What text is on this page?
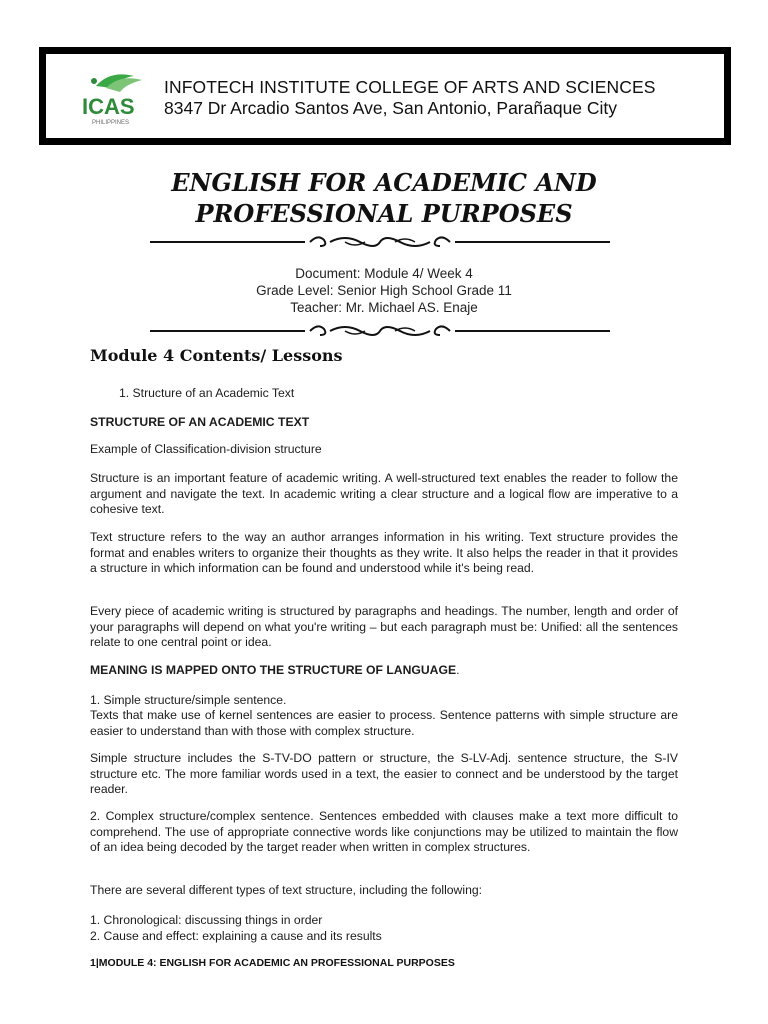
ICAS
PHILIPPINES
INFOTECH INSTITUTE COLLEGE OF ARTS AND SCIENCES
8347 Dr Arcadio Santos Ave, San Antonio, Parañaque City
ENGLISH FOR ACADEMIC AND
PROFESSIONAL PURPOSES
Document: Module 4/ Week 4
Grade Level: Senior High School Grade 11
Teacher: Mr. Michael AS. Enaje
Module 4 Contents/ Lessons
1. Structure of an Academic Text
STRUCTURE OF AN ACADEMIC TEXT
Example of Classification-division structure
Structure is an important feature of academic writing. A well-structured text enables the reader to follow the argument and navigate the text. In academic writing a clear structure and a logical flow are imperative to a cohesive text.
Text structure refers to the way an author arranges information in his writing. Text structure provides the format and enables writers to organize their thoughts as they write. It also helps the reader in that it provides a structure in which information can be found and understood while it's being read.
Every piece of academic writing is structured by paragraphs and headings. The number, length and order of your paragraphs will depend on what you're writing – but each paragraph must be: Unified: all the sentences relate to one central point or idea.
MEANING IS MAPPED ONTO THE STRUCTURE OF LANGUAGE.
1. Simple structure/simple sentence.
Texts that make use of kernel sentences are easier to process. Sentence patterns with simple structure are easier to understand than with those with complex structure.
Simple structure includes the S-TV-DO pattern or structure, the S-LV-Adj. sentence structure, the S-IV structure etc. The more familiar words used in a text, the easier to connect and be understood by the target reader.
2. Complex structure/complex sentence. Sentences embedded with clauses make a text more difficult to comprehend. The use of appropriate connective words like conjunctions may be utilized to maintain the flow of an idea being decoded by the target reader when written in complex structures.
There are several different types of text structure, including the following:
1. Chronological: discussing things in order
2. Cause and effect: explaining a cause and its results
1|MODULE 4: ENGLISH FOR ACADEMIC AN PROFESSIONAL PURPOSES
